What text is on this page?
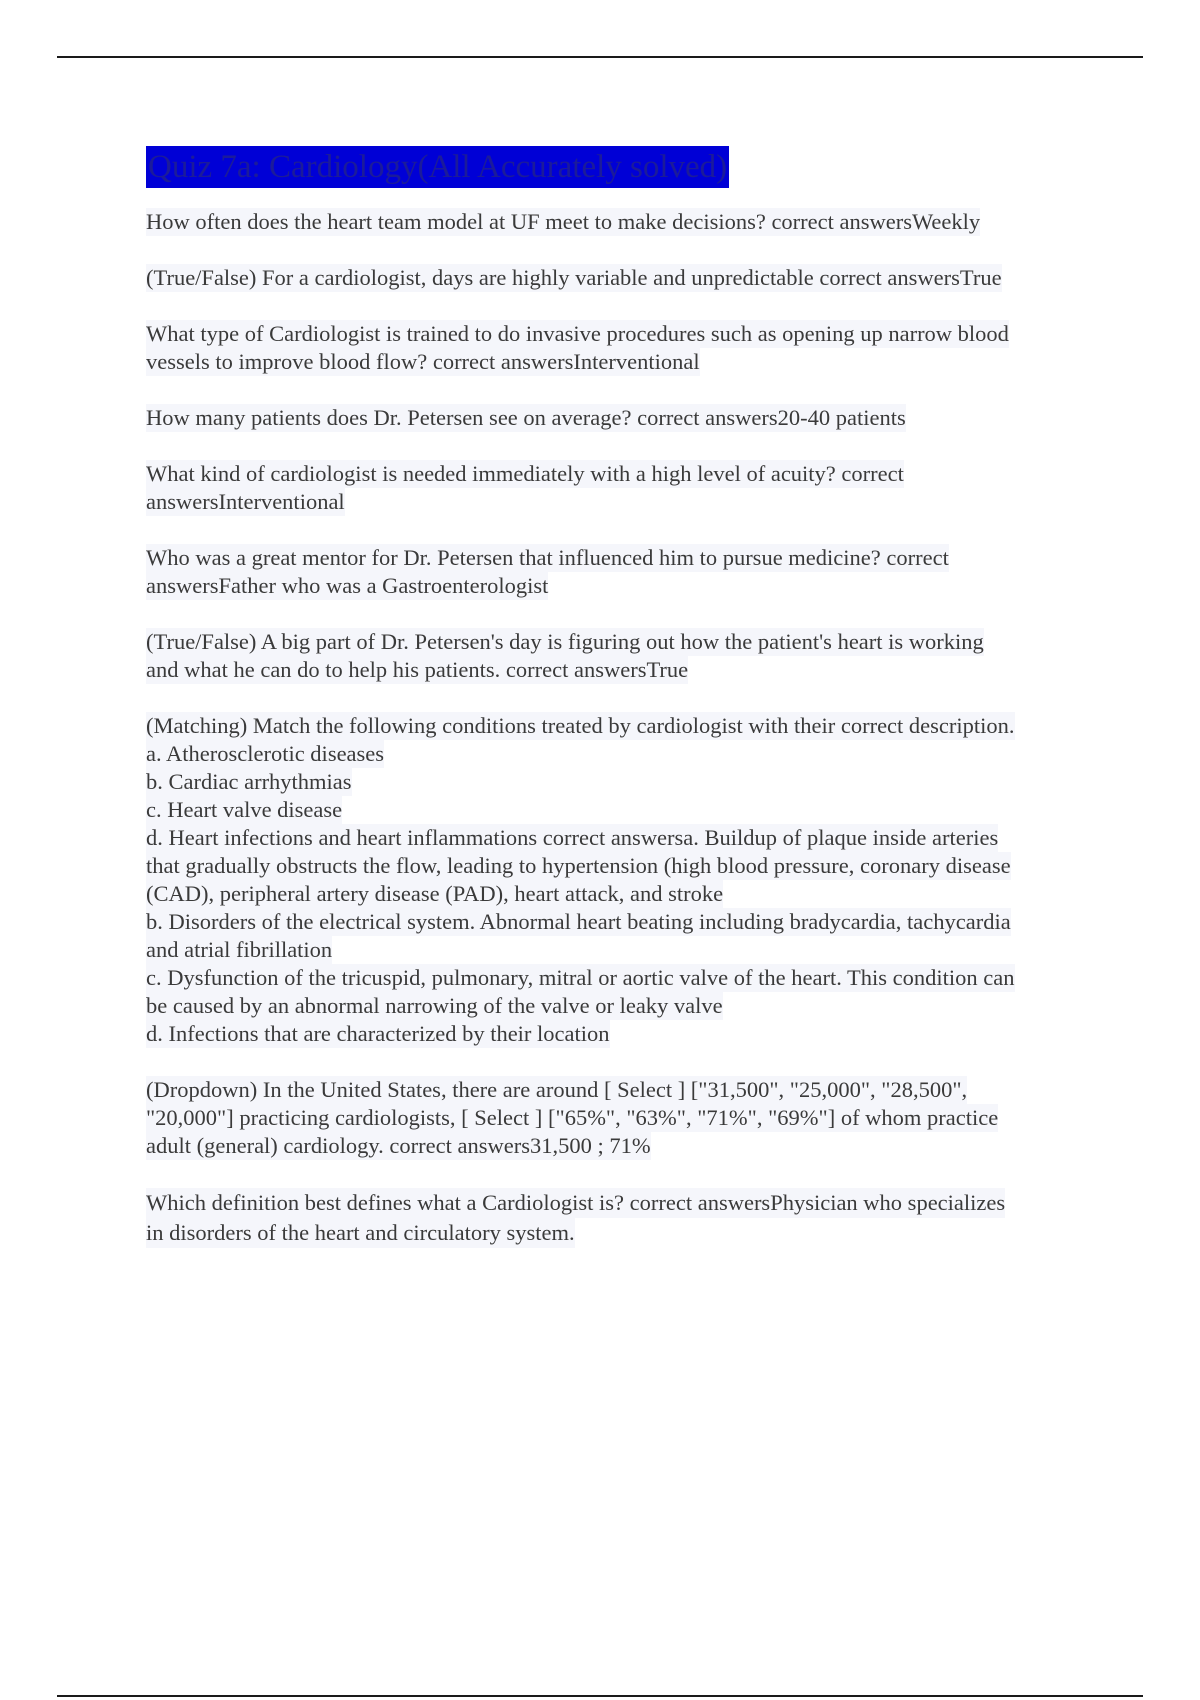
Quiz 7a: Cardiology(All Accurately solved)
How often does the heart team model at UF meet to make decisions? correct answersWeekly
(True/False) For a cardiologist, days are highly variable and unpredictable correct answersTrue
What type of Cardiologist is trained to do invasive procedures such as opening up narrow blood
vessels to improve blood flow? correct answersInterventional
How many patients does Dr. Petersen see on average? correct answers20-40 patients
What kind of cardiologist is needed immediately with a high level of acuity? correct
answersInterventional
Who was a great mentor for Dr. Petersen that influenced him to pursue medicine? correct
answersFather who was a Gastroenterologist
(True/False) A big part of Dr. Petersen's day is figuring out how the patient's heart is working
and what he can do to help his patients. correct answersTrue
(Matching) Match the following conditions treated by cardiologist with their correct description.
a. Atherosclerotic diseases
b. Cardiac arrhythmias
c. Heart valve disease
d. Heart infections and heart inflammations correct answersa. Buildup of plaque inside arteries
that gradually obstructs the flow, leading to hypertension (high blood pressure, coronary disease
(CAD), peripheral artery disease (PAD), heart attack, and stroke
b. Disorders of the electrical system. Abnormal heart beating including bradycardia, tachycardia
and atrial fibrillation
c. Dysfunction of the tricuspid, pulmonary, mitral or aortic valve of the heart. This condition can
be caused by an abnormal narrowing of the valve or leaky valve
d. Infections that are characterized by their location
(Dropdown) In the United States, there are around [ Select ] ["31,500", "25,000", "28,500",
"20,000"] practicing cardiologists, [ Select ] ["65%", "63%", "71%", "69%"] of whom practice
adult (general) cardiology. correct answers31,500 ; 71%
Which definition best defines what a Cardiologist is? correct answersPhysician who specializes
in disorders of the heart and circulatory system.
